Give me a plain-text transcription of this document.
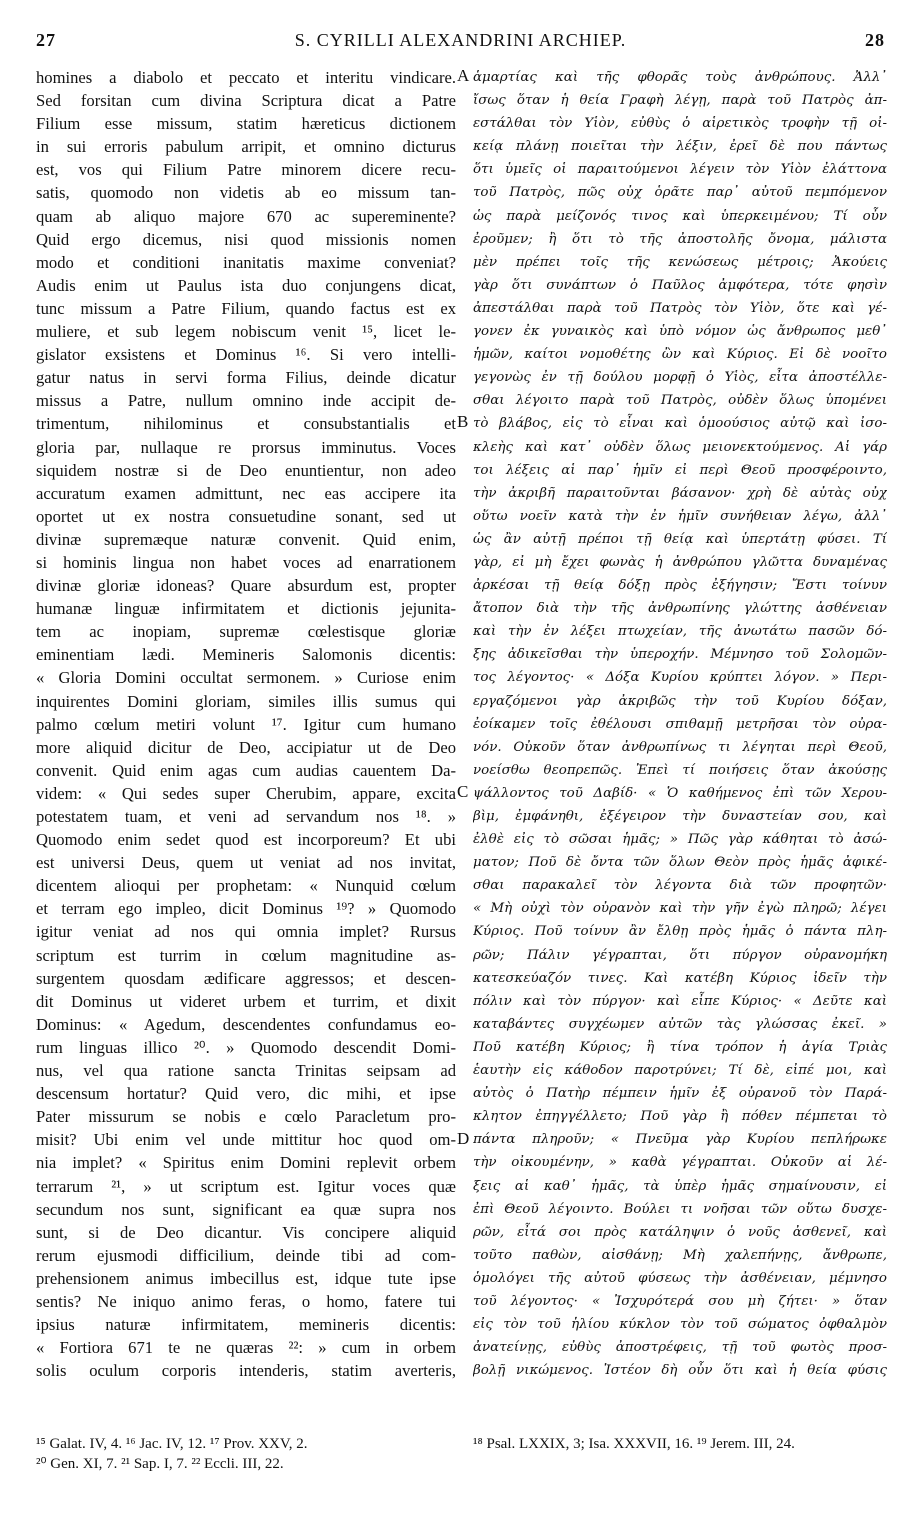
27	S. CYRILLI ALEXANDRINI ARCHIEP.	28
homines a diabolo et peccato et interitu vindicare.
Sed forsitan cum divina Scriptura dicat a Patre
Filium esse missum, statim hæreticus dictionem
in sui erroris pabulum arripit, et omnino dicturus
est, vos qui Filium Patre minorem dicere recu-
satis, quomodo non videtis ab eo missum tan-
quam ab aliquo majore 670 ac supereminente?
Quid ergo dicemus, nisi quod missionis nomen
modo et conditioni inanitatis maxime conveniat?
Audis enim ut Paulus ista duo conjungens dicat,
tunc missum a Patre Filium, quando factus est ex
muliere, et sub legem nobiscum venit ¹⁵, licet le-
gislator exsistens et Dominus ¹⁶. Si vero intelli-
gatur natus in servi forma Filius, deinde dicatur
missus a Patre, nullum omnino inde accipit de-
trimentum, nihilominus et consubstantialis et
gloria par, nullaque re prorsus imminutus. Voces
siquidem nostræ si de Deo enuntientur, non adeo
accuratum examen admittunt, nec eas accipere ita
oportet ut ex nostra consuetudine sonant, sed ut
divinæ supremæque naturæ convenit. Quid enim,
si hominis lingua non habet voces ad enarrationem
divinæ gloriæ idoneas? Quare absurdum est, propter
humanæ linguæ infirmitatem et dictionis jejunita-
tem ac inopiam, supremæ cœlestisque gloriæ
eminentiam lædi. Memineris Salomonis dicentis:
« Gloria Domini occultat sermonem. » Curiose enim
inquirentes Domini gloriam, similes illis sumus qui
palmo cœlum metiri volunt ¹⁷. Igitur cum humano
more aliquid dicitur de Deo, accipiatur ut de Deo
convenit. Quid enim agas cum audias cauentem Da-
videm: « Qui sedes super Cherubim, appare, excita
potestatem tuam, et veni ad servandum nos ¹⁸. »
Quomodo enim sedet quod est incorporeum? Et ubi
est universi Deus, quem ut veniat ad nos invitat,
dicentem alioqui per prophetam: « Nunquid cœlum
et terram ego impleo, dicit Dominus ¹⁹? » Quomodo
igitur veniat ad nos qui omnia implet? Rursus
scriptum est turrim in cœlum magnitudine as-
surgentem quosdam ædificare aggressos; et descen-
dit Dominus ut videret urbem et turrim, et dixit
Dominus: « Agedum, descendentes confundamus eo-
rum linguas illico ²⁰. » Quomodo descendit Domi-
nus, vel qua ratione sancta Trinitas seipsam ad
descensum hortatur? Quid vero, dic mihi, et ipse
Pater missurum se nobis e cœlo Paracletum pro-
misit? Ubi enim vel unde mittitur hoc quod om-
nia implet? « Spiritus enim Domini replevit orbem
terrarum ²¹, » ut scriptum est. Igitur voces quæ
secundum nos sunt, significant ea quæ supra nos
sunt, si de Deo dicantur. Vis concipere aliquid
rerum ejusmodi difficilium, deinde tibi ad com-
prehensionem animus imbecillus est, idque tute ipse
sentis? Ne iniquo animo feras, o homo, fatere tui
ipsius naturæ infirmitatem, memineris dicentis:
« Fortiora 671 te ne quæras ²²: » cum in orbem
solis oculum corporis intenderis, statim averteris,
ἁμαρτίας καὶ τῆς φθορᾶς τοὺς ἀνθρώπους. Ἀλλ᾽
ἴσως ὅταν ἡ θεία Γραφὴ λέγῃ, παρὰ τοῦ Πατρὸς ἀπ-
εστάλθαι τὸν Υἱὸν, εὐθὺς ὁ αἱρετικὸς τροφὴν τῇ οἰ-
κείᾳ πλάνῃ ποιεῖται τὴν λέξιν, ἐρεῖ δὲ που πάντως
ὅτι ὑμεῖς οἱ παραιτούμενοι λέγειν τὸν Υἱὸν ἐλάττονα
τοῦ Πατρὸς, πῶς οὐχ ὁρᾶτε παρ᾽ αὐτοῦ πεμπόμενον
ὡς παρὰ μείζονός τινος καὶ ὑπερκειμένου; Τί οὖν
ἐροῦμεν; ἢ ὅτι τὸ τῆς ἀποστολῆς ὄνομα, μάλιστα
μὲν πρέπει τοῖς τῆς κενώσεως μέτροις; Ἀκούεις
γὰρ ὅτι συνάπτων ὁ Παῦλος ἀμφότερα, τότε φησὶν
ἀπεστάλθαι παρὰ τοῦ Πατρὸς τὸν Υἱὸν, ὅτε καὶ γέ-
γονεν ἐκ γυναικὸς καὶ ὑπὸ νόμον ὡς ἄνθρωπος μεθ᾽
ἡμῶν, καίτοι νομοθέτης ὢν καὶ Κύριος. Εἰ δὲ νοοῖτο
γεγονὼς ἐν τῇ δούλου μορφῇ ὁ Υἱὸς, εἶτα ἀποστέλλε-
σθαι λέγοιτο παρὰ τοῦ Πατρὸς, οὐδὲν ὅλως ὑπομένει
τὸ βλάβος, εἰς τὸ εἶναι καὶ ὁμοούσιος αὐτῷ καὶ ἰσο-
κλεὴς καὶ κατ᾽ οὐδὲν ὅλως μειονεκτούμενος. Αἱ γάρ
τοι λέξεις αἱ παρ᾽ ἡμῖν εἰ περὶ Θεοῦ προσφέροιντο,
τὴν ἀκριβῆ παραιτοῦνται βάσανον· χρὴ δὲ αὐτὰς οὐχ
οὕτω νοεῖν κατὰ τὴν ἐν ἡμῖν συνήθειαν λέγω, ἀλλ᾽
ὡς ἂν αὐτῇ πρέποι τῇ θείᾳ καὶ ὑπερτάτῃ φύσει. Τί
γὰρ, εἰ μὴ ἔχει φωνὰς ἡ ἀνθρώπου γλῶττα δυναμένας
ἀρκέσαι τῇ θείᾳ δόξῃ πρὸς ἐξήγησιν; Ἔστι τοίνυν
ἄτοπον διὰ τὴν τῆς ἀνθρωπίνης γλώττης ἀσθένειαν
καὶ τὴν ἐν λέξει πτωχείαν, τῆς ἀνωτάτω πασῶν δό-
ξης ἀδικεῖσθαι τὴν ὑπεροχήν. Μέμνησο τοῦ Σολομῶν-
τος λέγοντος· « Δόξα Κυρίου κρύπτει λόγον. » Περι-
εργαζόμενοι γὰρ ἀκριβῶς τὴν τοῦ Κυρίου δόξαν,
ἐοίκαμεν τοῖς ἐθέλουσι σπιθαμῇ μετρῆσαι τὸν οὐρα-
νόν. Οὐκοῦν ὅταν ἀνθρωπίνως τι λέγηται περὶ Θεοῦ,
νοείσθω θεοπρεπῶς. Ἐπεὶ τί ποιήσεις ὅταν ἀκούσῃς
ψάλλοντος τοῦ Δαβίδ· « Ὁ καθήμενος ἐπὶ τῶν Χερου-
βὶμ, ἐμφάνηθι, ἐξέγειρον τὴν δυναστείαν σου, καὶ
ἐλθὲ εἰς τὸ σῶσαι ἡμᾶς; » Πῶς γὰρ κάθηται τὸ ἀσώ-
ματον; Ποῦ δὲ ὄντα τῶν ὅλων Θεὸν πρὸς ἡμᾶς ἀφικέ-
σθαι παρακαλεῖ τὸν λέγοντα διὰ τῶν προφητῶν·
« Μὴ οὐχὶ τὸν οὐρανὸν καὶ τὴν γῆν ἐγὼ πληρῶ; λέγει
Κύριος. Ποῦ τοίνυν ἂν ἔλθῃ πρὸς ἡμᾶς ὁ πάντα πλη-
ρῶν; Πάλιν γέγραπται, ὅτι πύργον οὐρανομήκη
κατεσκεύαζόν τινες. Καὶ κατέβη Κύριος ἰδεῖν τὴν
πόλιν καὶ τὸν πύργον· καὶ εἶπε Κύριος· « Δεῦτε καὶ
καταβάντες συγχέωμεν αὐτῶν τὰς γλώσσας ἐκεῖ. »
Ποῦ κατέβη Κύριος; ἢ τίνα τρόπον ἡ ἁγία Τριὰς
ἑαυτὴν εἰς κάθοδον παροτρύνει; Τί δὲ, εἰπέ μοι, καὶ
αὐτὸς ὁ Πατὴρ πέμπειν ἡμῖν ἐξ οὐρανοῦ τὸν Παρά-
κλητον ἐπηγγέλλετο; Ποῦ γὰρ ἢ πόθεν πέμπεται τὸ
πάντα πληροῦν; « Πνεῦμα γὰρ Κυρίου πεπλήρωκε
τὴν οἰκουμένην, » καθὰ γέγραπται. Οὐκοῦν αἱ λέ-
ξεις αἱ καθ᾽ ἡμᾶς, τὰ ὑπὲρ ἡμᾶς σημαίνουσιν, εἰ
ἐπὶ Θεοῦ λέγοιντο. Βούλει τι νοῆσαι τῶν οὕτω δυσχε-
ρῶν, εἶτά σοι πρὸς κατάληψιν ὁ νοῦς ἀσθενεῖ, καὶ
τοῦτο παθὼν, αἰσθάνῃ; Μὴ χαλεπήνῃς, ἄνθρωπε,
ὁμολόγει τῆς αὐτοῦ φύσεως τὴν ἀσθένειαν, μέμνησο
τοῦ λέγοντος· « Ἰσχυρότερά σου μὴ ζήτει· » ὅταν
εἰς τὸν τοῦ ἡλίου κύκλον τὸν τοῦ σώματος ὀφθαλμὸν
ἀνατείνῃς, εὐθὺς ἀποστρέφεις, τῇ τοῦ φωτὸς προσ-
βολῇ νικώμενος. Ἰστέον δὴ οὖν ὅτι καὶ ἡ θεία φύσις
A
B
C
D
¹⁵ Galat. IV, 4. ¹⁶ Jac. IV, 12. ¹⁷ Prov. XXV, 2.
²⁰ Gen. XI, 7. ²¹ Sap. I, 7. ²² Eccli. III, 22.
¹⁸ Psal. LXXIX, 3; Isa. XXXVII, 16. ¹⁹ Jerem. III, 24.
